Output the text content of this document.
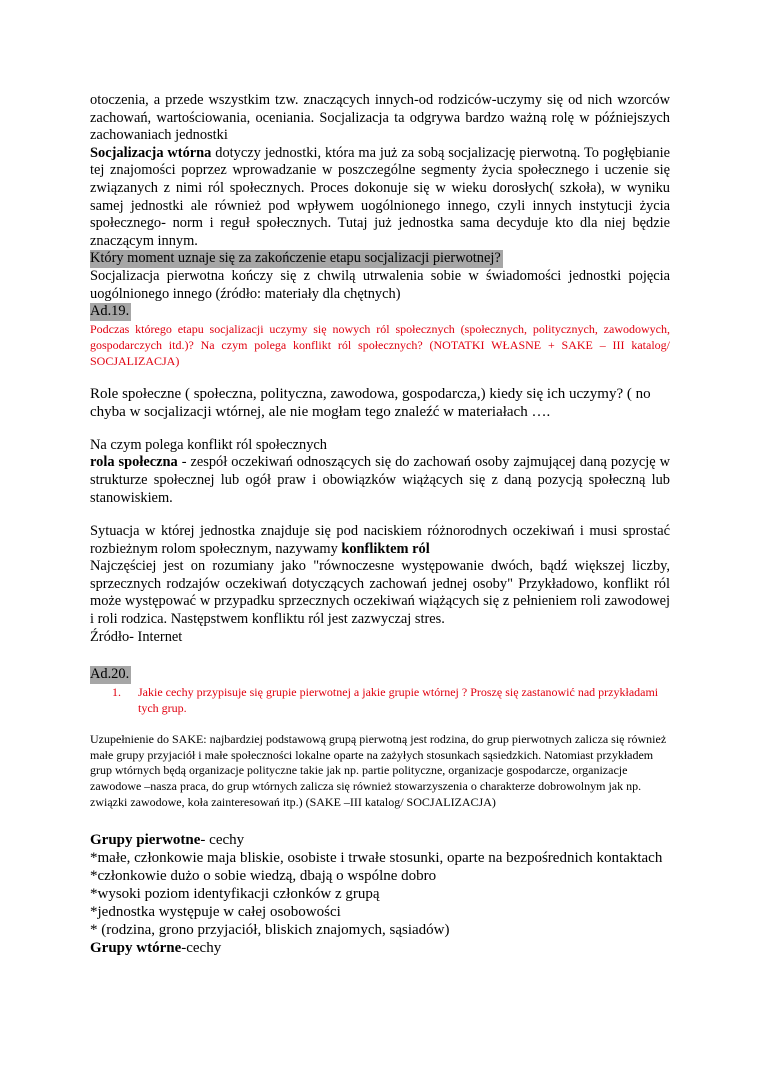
otoczenia, a przede wszystkim tzw. znaczących innych-od rodziców-uczymy się od nich wzorców zachowań, wartościowania, oceniania. Socjalizacja ta odgrywa bardzo ważną rolę w późniejszych zachowaniach jednostki

Socjalizacja wtórna dotyczy jednostki, która ma już za sobą socjalizację pierwotną. To pogłębianie tej znajomości poprzez wprowadzanie w poszczególne segmenty życia społecznego i uczenie się związanych z nimi ról społecznych. Proces dokonuje się w wieku dorosłych( szkoła), w wyniku samej jednostki ale również pod wpływem uogólnionego innego, czyli innych instytucji życia społecznego- norm i reguł społecznych. Tutaj już jednostka sama decyduje kto dla niej będzie znaczącym innym.

Który moment uznaje się za zakończenie etapu socjalizacji pierwotnej?

Socjalizacja pierwotna kończy się z chwilą utrwalenia sobie w świadomości jednostki pojęcia uogólnionego innego (źródło: materiały dla chętnych)

Ad.19.

Podczas którego etapu socjalizacji uczymy się nowych ról społecznych (społecznych, politycznych, zawodowych, gospodarczych itd.)? Na czym polega konflikt ról społecznych? (NOTATKI WŁASNE + SAKE – III katalog/ SOCJALIZACJA)

Role społeczne ( społeczna, polityczna, zawodowa, gospodarcza,) kiedy się ich uczymy? ( no chyba w socjalizacji wtórnej, ale nie mogłam tego znaleźć w materiałach ….

Na czym polega konflikt ról społecznych

rola społeczna - zespół oczekiwań odnoszących się do zachowań osoby zajmującej daną pozycję w strukturze społecznej lub ogół praw i obowiązków wiążących się z daną pozycją społeczną lub stanowiskiem.

Sytuacja w której jednostka znajduje się pod naciskiem różnorodnych oczekiwań i musi sprostać rozbieżnym rolom społecznym, nazywamy konfliktem ról

Najczęściej jest on rozumiany jako "równoczesne występowanie dwóch, bądź większej liczby, sprzecznych rodzajów oczekiwań dotyczących zachowań jednej osoby" Przykładowo, konflikt ról może występować w przypadku sprzecznych oczekiwań wiążących się z pełnieniem roli zawodowej i roli rodzica. Następstwem konfliktu ról jest zazwyczaj stres.

Źródło- Internet

Ad.20.

1. Jakie cechy przypisuje się grupie pierwotnej a jakie grupie wtórnej ? Proszę się zastanowić nad przykładami tych grup.

Uzupełnienie do SAKE: najbardziej podstawową grupą pierwotną jest rodzina, do grup pierwotnych zalicza się również małe grupy przyjaciół i małe społeczności lokalne oparte na zażyłych stosunkach sąsiedzkich. Natomiast przykładem grup wtórnych będą organizacje polityczne takie jak np. partie polityczne, organizacje gospodarcze, organizacje zawodowe –nasza praca, do grup wtórnych zalicza się również stowarzyszenia o charakterze dobrowolnym jak np. związki zawodowe, koła zainteresowań itp.) (SAKE –III katalog/ SOCJALIZACJA)

Grupy pierwotne- cechy

*małe, członkowie maja bliskie, osobiste i trwałe stosunki, oparte na bezpośrednich kontaktach

*członkowie dużo o sobie wiedzą, dbają o wspólne dobro

*wysoki poziom identyfikacji członków z grupą

*jednostka występuje w całej osobowości

* (rodzina, grono przyjaciół, bliskich znajomych, sąsiadów)

Grupy wtórne-cechy
